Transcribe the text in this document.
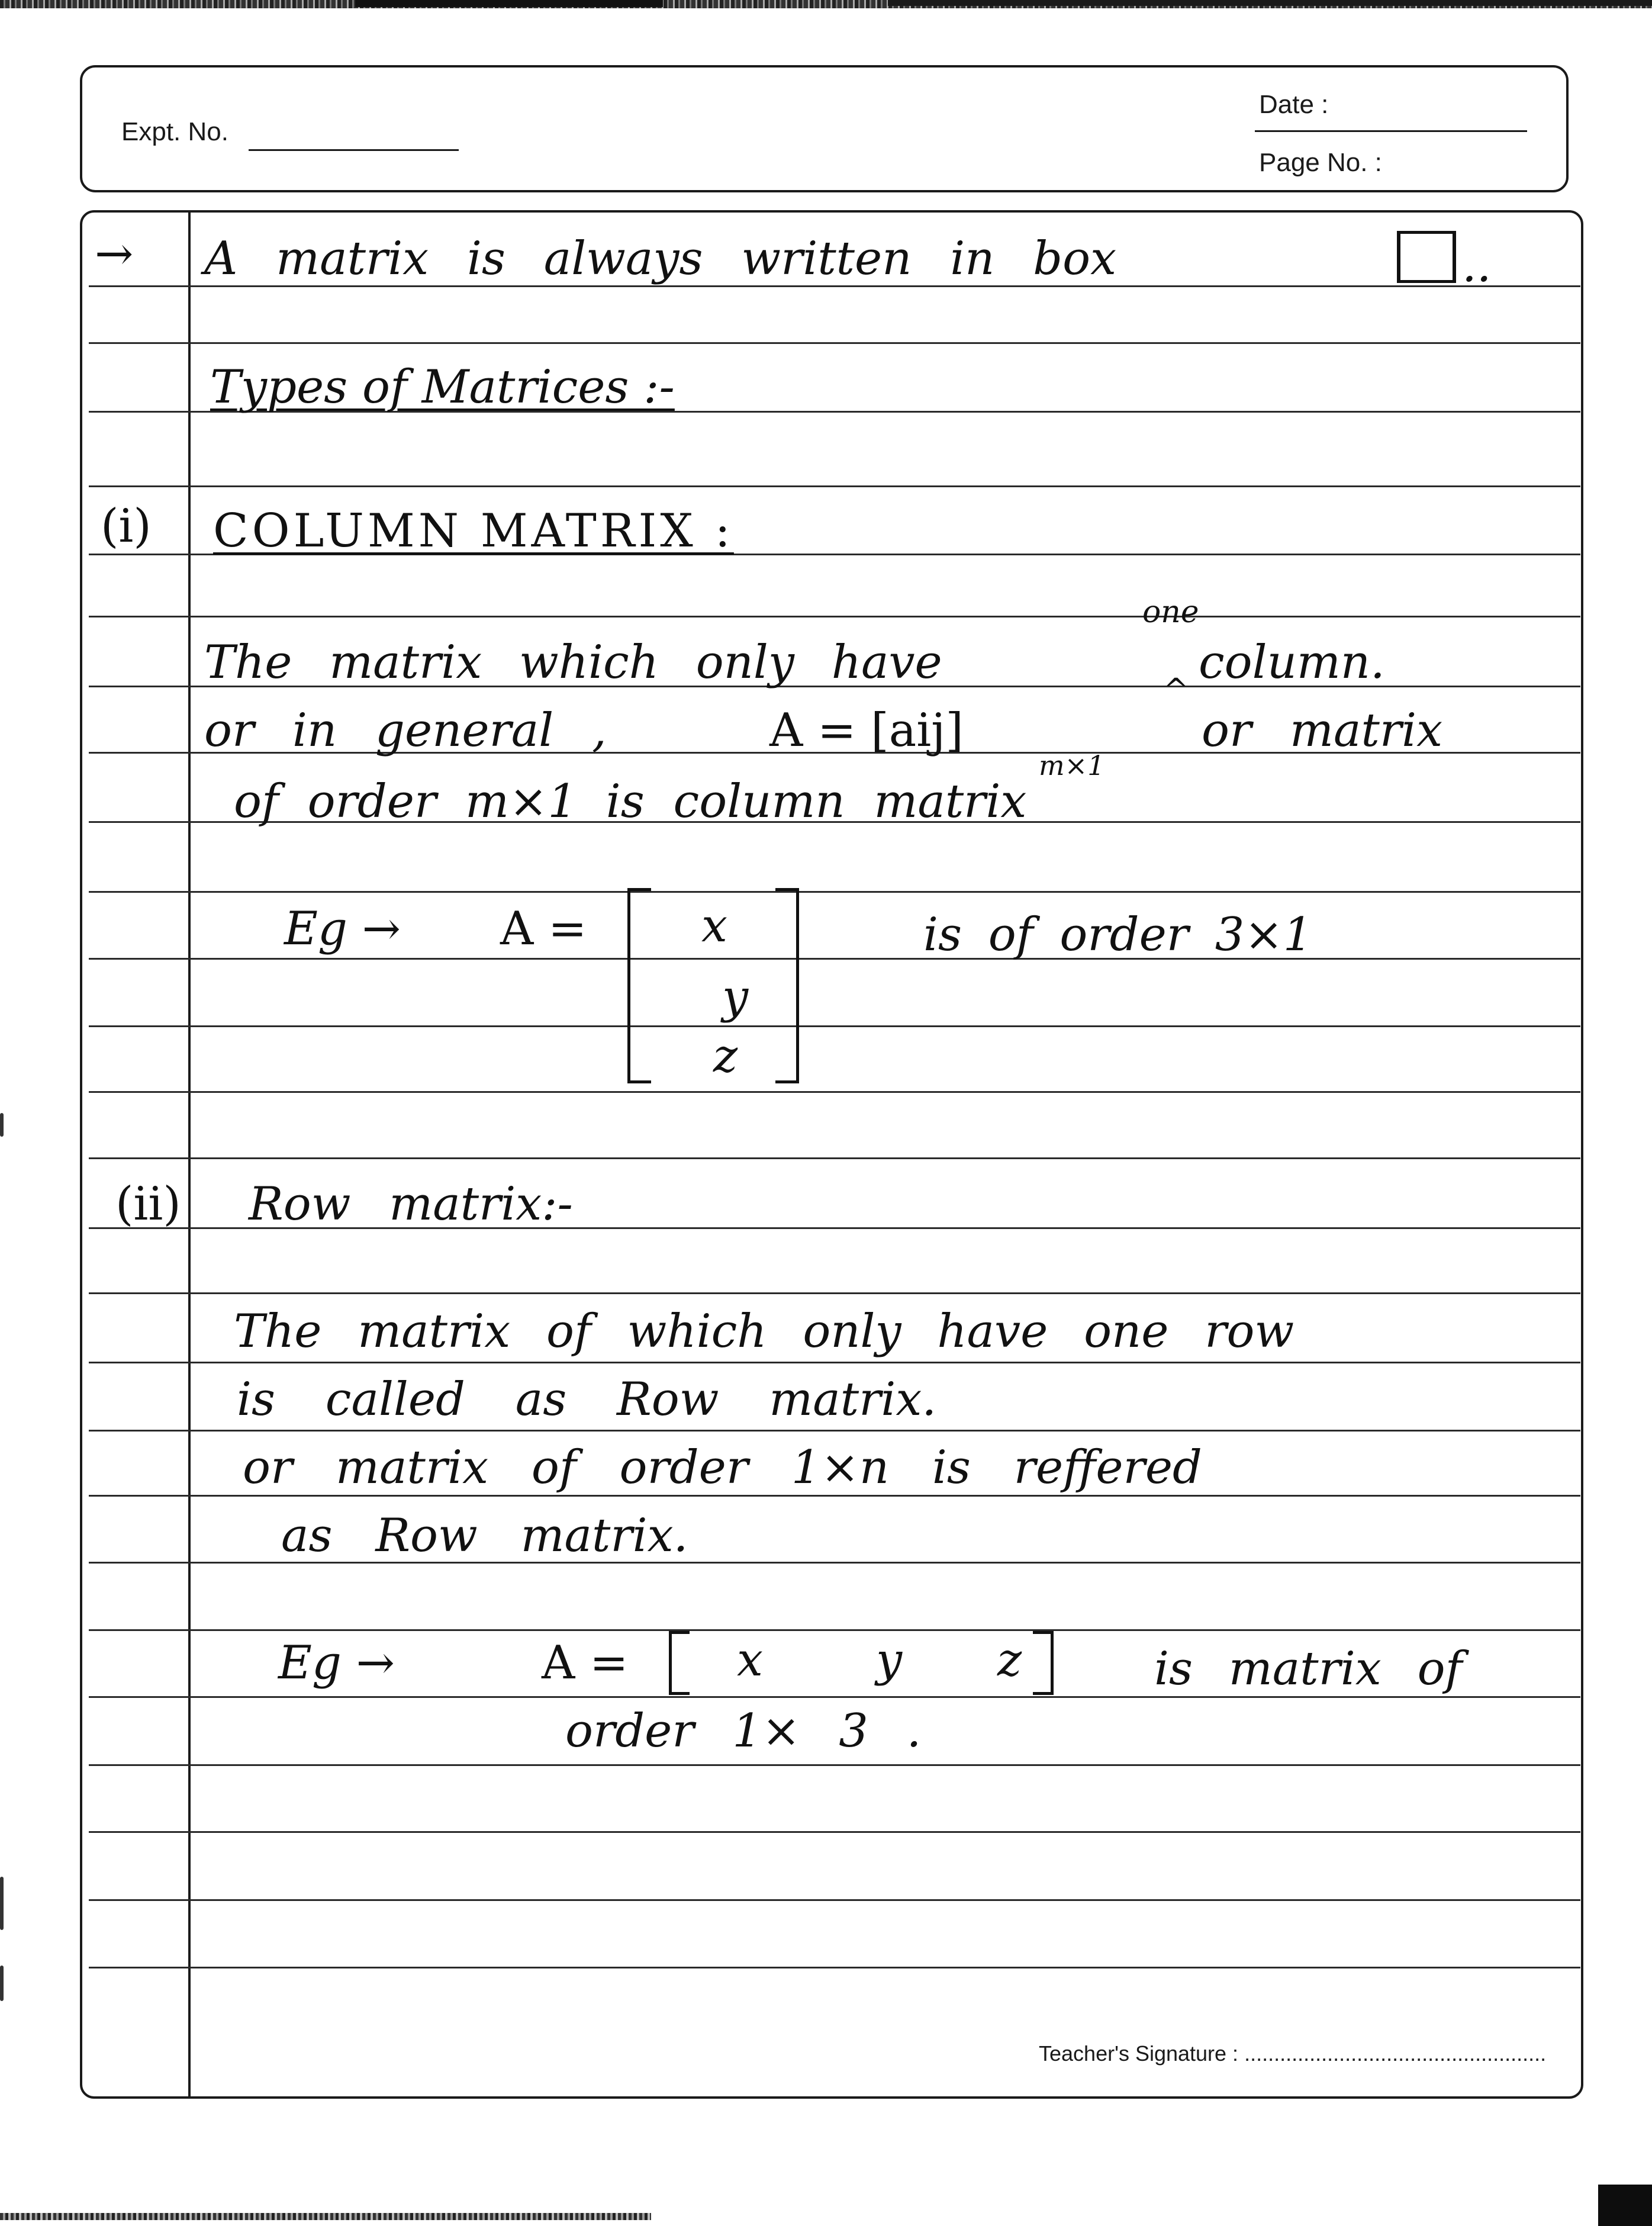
Expt. No.
Date :
Page No. :
→ A matrix is always written in box	..
Types of Matrices :-
(i) COLUMN MATRIX :
The matrix which only have
one
^
column.
or in general ,	A = [aij]
m×1
or matrix
of order m×1 is column matrix
Eg → A = x
y
z
is of order 3×1
(ii) Row matrix:-
The matrix of which only have one row
is called as Row matrix.
or matrix of order 1×n is reffered
as Row matrix.
Eg →	A = x y z	is matrix of
order 1× 3 .
Teacher's Signature : ...................................................
